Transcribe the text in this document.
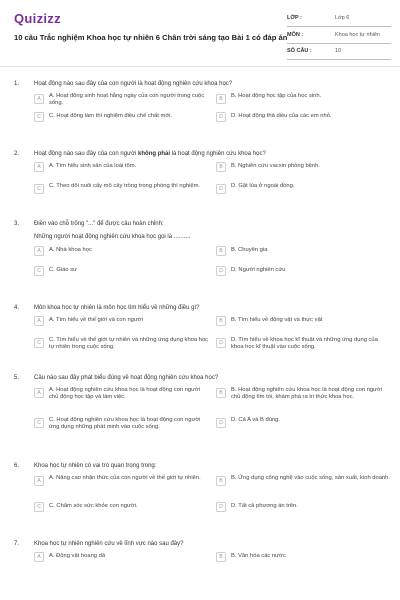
Quizizz
10 câu Trắc nghiệm Khoa học tự nhiên 6 Chân trời sáng tạo Bài 1 có đáp án
LỚP :	Lớp 6
MÔN :	Khoa học tự nhiên
SỐ CÂU :	10
1. Hoạt động nào sau đây của con người là hoạt động nghiên cứu khoa học?
A	A. Hoạt động sinh hoạt hằng ngày của con người trong cuộc sống.
B	B. Hoạt động học tập của học sinh.
C	C. Hoạt động làm thí nghiệm điều chế chất mới.	D	D. Hoạt động thả diều của các em nhỏ.
2. Hoạt động nào sau đây của con người không phải là hoạt động nghiên cứu khoa học?
A	A. Tìm hiểu sinh sản của loài tôm.	B	B. Nghiên cứu vacxin phòng bệnh.
C	C. Theo dõi nuôi cấy mô cây trồng trong phòng thí nghiệm.	D	D. Gặt lúa ở ngoài đồng.
3. Điền vào chỗ trống "..." để được câu hoàn chỉnh:
Những người hoạt động nghiên cứu khoa học gọi là ..........
A	A. Nhà khoa học	B	B. Chuyên gia
C	C. Giáo sư	D	D. Người nghiên cứu
4. Môn khoa học tự nhiên là môn học tìm hiểu về những điều gì?
A	A. Tìm hiểu về thế giới và con người	B	B. Tìm hiểu về động vật và thực vật
C	C. Tìm hiểu về thế giới tự nhiên và những ứng dụng khoa học tự nhiên trong cuộc sống.
D	D. Tìm hiểu về khoa học kĩ thuật và những ứng dụng của khoa học kĩ thuật vào cuộc sống.
5. Câu nào sau đây phát biểu đúng về hoạt động nghiên cứu khoa học?
A	A. Hoạt động nghiên cứu khoa học là hoạt động con người chủ động học tập và làm việc.
B	B. Hoạt động nghiên cứu khoa học là hoạt động con người chủ động tìm tòi, khám phá ra tri thức khoa học.
C	C. Hoạt động nghiên cứu khoa học là hoạt động con người ứng dụng những phát minh vào cuộc sống.
D	D. Cả A và B đúng.
6. Khoa học tự nhiên có vai trò quan trọng trong:
A	A. Nâng cao nhận thức của con người về thế giới tự nhiên.	B	B. Ứng dụng công nghệ vào cuộc sống, sản xuất, kinh doanh.
C	C. Chăm sóc sức khỏe con người.	D	D. Tất cả phương án trên.
7. Khoa học tự nhiên nghiên cứu về lĩnh vực nào sau đây?
A	A. Đông vật hoang dã	B	B. Văn hóa các nước
